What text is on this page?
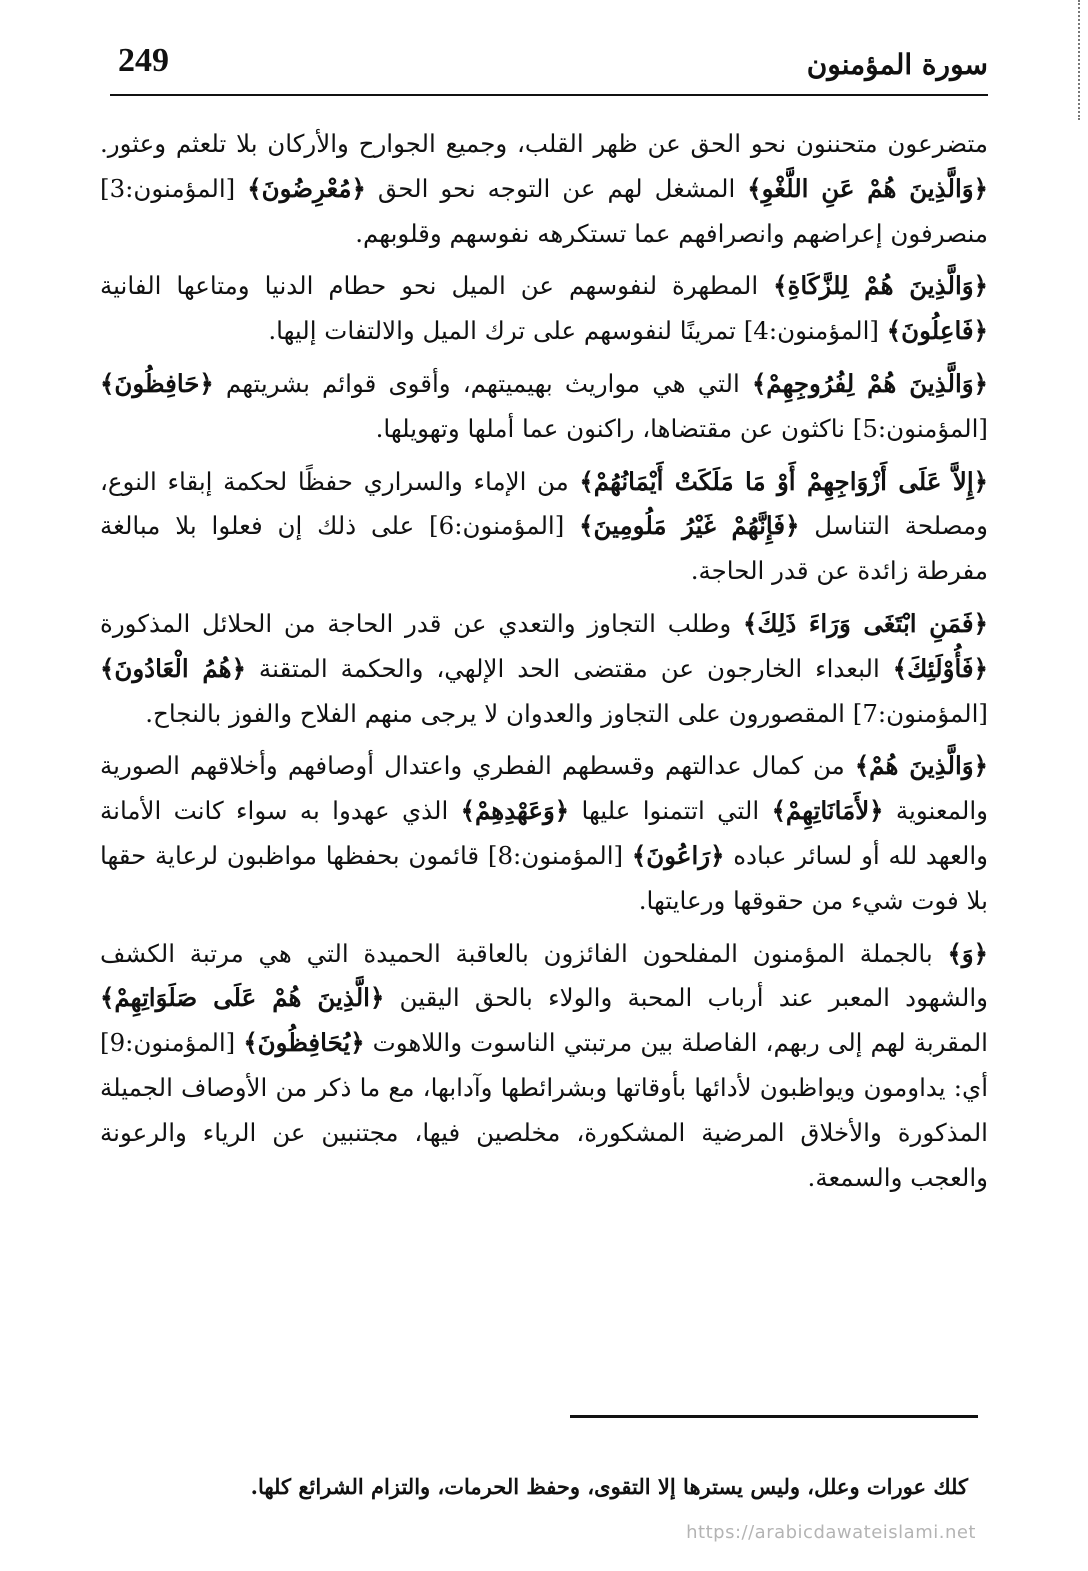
249	سورة المؤمنون

متضرعون متحننون نحو الحق عن ظهر القلب، وجميع الجوارح والأركان بلا تلعثم وعثور. ﴿وَالَّذِينَ هُمْ عَنِ اللَّغْوِ﴾ المشغل لهم عن التوجه نحو الحق ﴿مُعْرِضُونَ﴾ [المؤمنون:3] منصرفون إعراضهم وانصرافهم عما تستكرهه نفوسهم وقلوبهم.

﴿وَالَّذِينَ هُمْ لِلزَّكَاةِ﴾ المطهرة لنفوسهم عن الميل نحو حطام الدنيا ومتاعها الفانية ﴿فَاعِلُونَ﴾ [المؤمنون:4] تمرينًا لنفوسهم على ترك الميل والالتفات إليها.

﴿وَالَّذِينَ هُمْ لِفُرُوجِهِمْ﴾ التي هي مواريث بهيميتهم، وأقوى قوائم بشريتهم ﴿حَافِظُونَ﴾ [المؤمنون:5] ناكثون عن مقتضاها، راكنون عما أملها وتهويلها.

﴿إِلاَّ عَلَى أَزْوَاجِهِمْ أَوْ مَا مَلَكَتْ أَيْمَانُهُمْ﴾ من الإماء والسراري حفظًا لحكمة إبقاء النوع، ومصلحة التناسل ﴿فَإِنَّهُمْ غَيْرُ مَلُومِينَ﴾ [المؤمنون:6] على ذلك إن فعلوا بلا مبالغة مفرطة زائدة عن قدر الحاجة.

﴿فَمَنِ ابْتَغَى وَرَاءَ ذَلِكَ﴾ وطلب التجاوز والتعدي عن قدر الحاجة من الحلائل المذكورة ﴿فَأُوْلَئِكَ﴾ البعداء الخارجون عن مقتضى الحد الإلهي، والحكمة المتقنة ﴿هُمُ الْعَادُونَ﴾ [المؤمنون:7] المقصورون على التجاوز والعدوان لا يرجى منهم الفلاح والفوز بالنجاح.

﴿وَالَّذِينَ هُمْ﴾ من كمال عدالتهم وقسطهم الفطري واعتدال أوصافهم وأخلاقهم الصورية والمعنوية ﴿لأَمَانَاتِهِمْ﴾ التي اتتمنوا عليها ﴿وَعَهْدِهِمْ﴾ الذي عهدوا به سواء كانت الأمانة والعهد لله أو لسائر عباده ﴿رَاعُونَ﴾ [المؤمنون:8] قائمون بحفظها مواظبون لرعاية حقها بلا فوت شيء من حقوقها ورعايتها.

﴿وَ﴾ بالجملة المؤمنون المفلحون الفائزون بالعاقبة الحميدة التي هي مرتبة الكشف والشهود المعبر عند أرباب المحبة والولاء بالحق اليقين ﴿الَّذِينَ هُمْ عَلَى صَلَوَاتِهِمْ﴾ المقربة لهم إلى ربهم، الفاصلة بين مرتبتي الناسوت واللاهوت ﴿يُحَافِظُونَ﴾ [المؤمنون:9] أي: يداومون ويواظبون لأدائها بأوقاتها وبشرائطها وآدابها، مع ما ذكر من الأوصاف الجميلة المذكورة والأخلاق المرضية المشكورة، مخلصين فيها، مجتنبين عن الرياء والرعونة والعجب والسمعة.

كلك عورات وعلل، وليس يسترها إلا التقوى، وحفظ الحرمات، والتزام الشرائع كلها.
https://arabicdawateislami.net
